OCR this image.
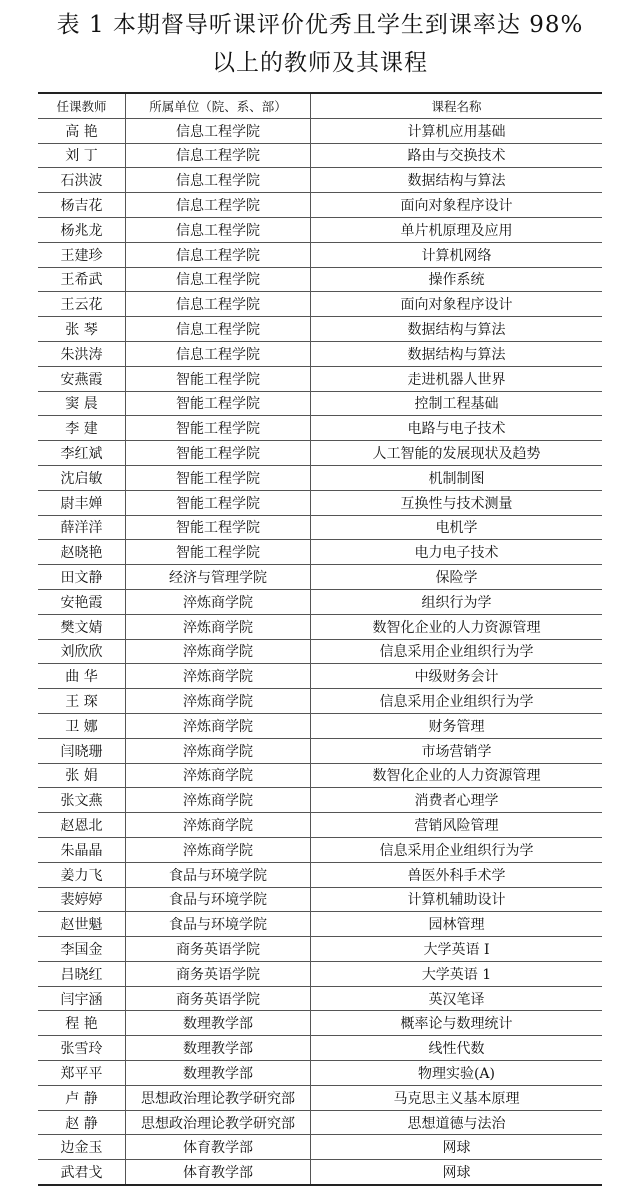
表 1 本期督导听课评价优秀且学生到课率达 98%
以上的教师及其课程
任课教师	所属单位（院、系、部）	课程名称
高 艳	信息工程学院	计算机应用基础
刘 丁	信息工程学院	路由与交换技术
石洪波	信息工程学院	数据结构与算法
杨吉花	信息工程学院	面向对象程序设计
杨兆龙	信息工程学院	单片机原理及应用
王建珍	信息工程学院	计算机网络
王希武	信息工程学院	操作系统
王云花	信息工程学院	面向对象程序设计
张 琴	信息工程学院	数据结构与算法
朱洪涛	信息工程学院	数据结构与算法
安燕霞	智能工程学院	走进机器人世界
窦 晨	智能工程学院	控制工程基础
李 建	智能工程学院	电路与电子技术
李红斌	智能工程学院	人工智能的发展现状及趋势
沈启敏	智能工程学院	机制制图
尉丰婵	智能工程学院	互换性与技术测量
薛洋洋	智能工程学院	电机学
赵晓艳	智能工程学院	电力电子技术
田文静	经济与管理学院	保险学
安艳霞	淬炼商学院	组织行为学
樊文婧	淬炼商学院	数智化企业的人力资源管理
刘欣欣	淬炼商学院	信息采用企业组织行为学
曲 华	淬炼商学院	中级财务会计
王 琛	淬炼商学院	信息采用企业组织行为学
卫 娜	淬炼商学院	财务管理
闫晓珊	淬炼商学院	市场营销学
张 娟	淬炼商学院	数智化企业的人力资源管理
张文燕	淬炼商学院	消费者心理学
赵恩北	淬炼商学院	营销风险管理
朱晶晶	淬炼商学院	信息采用企业组织行为学
姜力飞	食品与环境学院	兽医外科手术学
裴婷婷	食品与环境学院	计算机辅助设计
赵世魁	食品与环境学院	园林管理
李国金	商务英语学院	大学英语 I
吕晓红	商务英语学院	大学英语 1
闫宇涵	商务英语学院	英汉笔译
程 艳	数理教学部	概率论与数理统计
张雪玲	数理教学部	线性代数
郑平平	数理教学部	物理实验(A)
卢 静	思想政治理论教学研究部	马克思主义基本原理
赵 静	思想政治理论教学研究部	思想道德与法治
边金玉	体育教学部	网球
武君戈	体育教学部	网球
